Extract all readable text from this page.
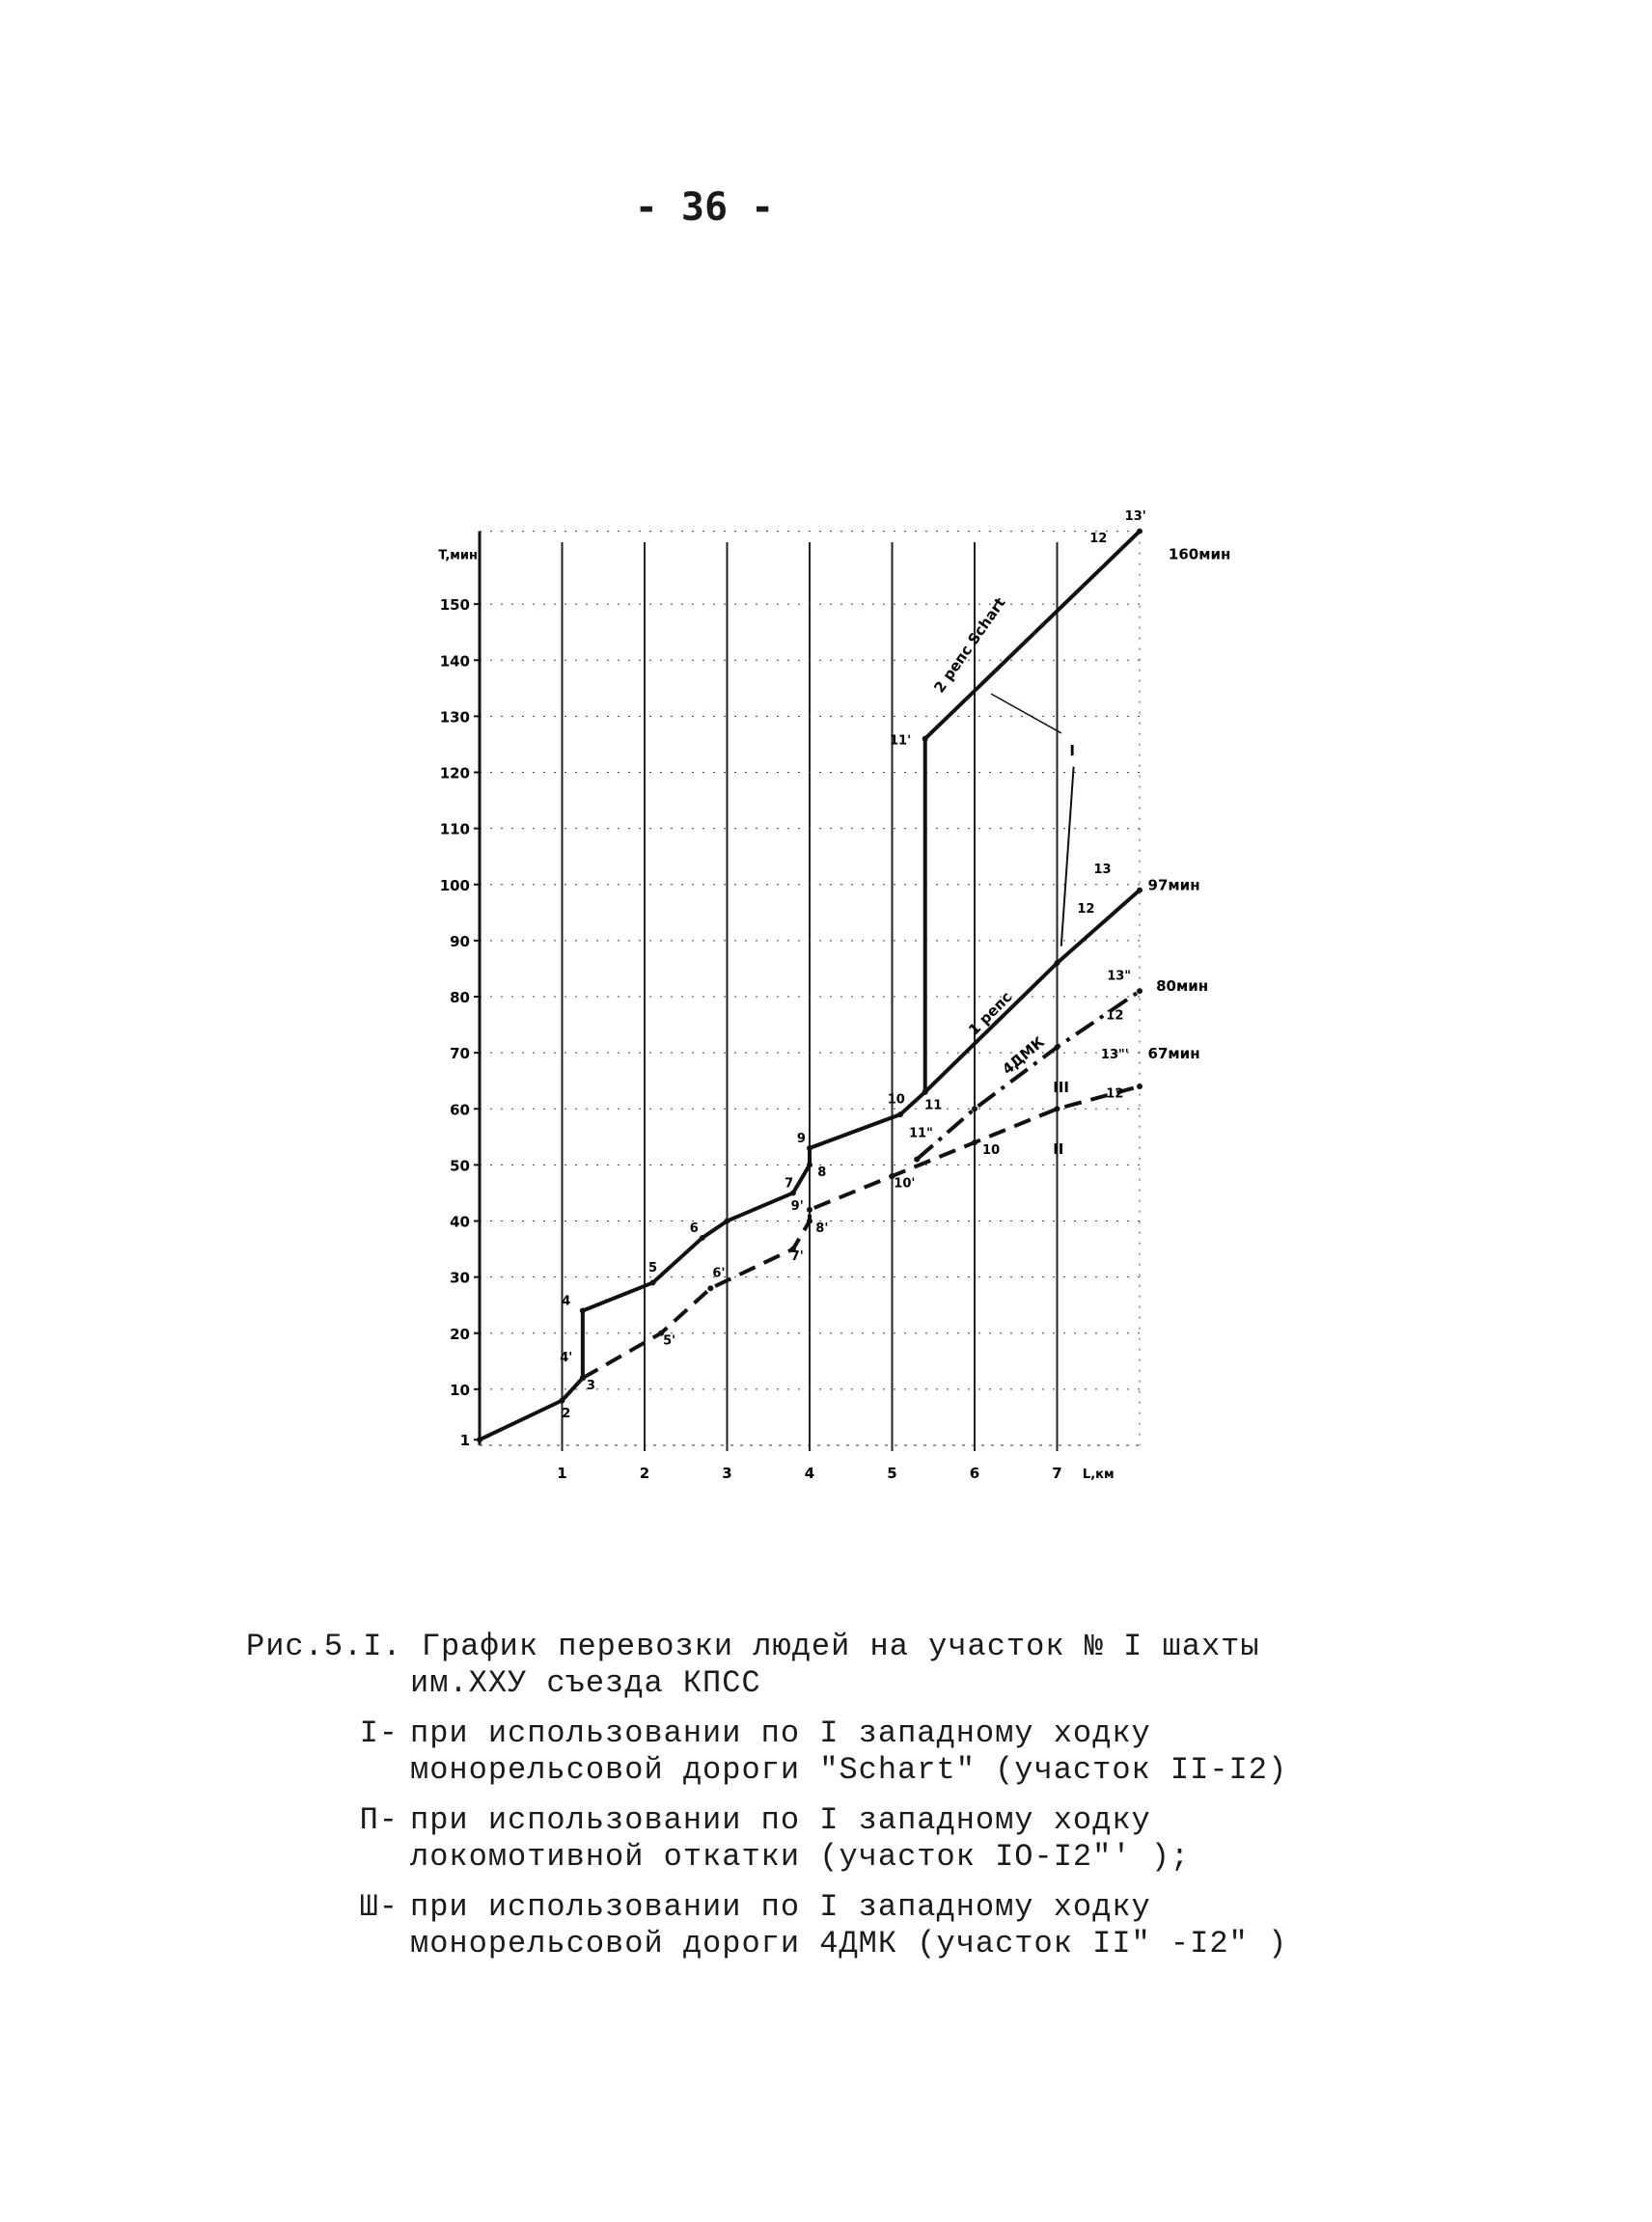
- 36 -
150
140
130
120
110
100
90
80
70
60
50
40
30
20
10
1
T,мин
1	2	3	4	5	6	7 L,км
2
3
4'
4
5
5'
6
6'
7
7'
8
8'
9
9'
10
10'
11
11'
11"
12
12
12
12
13'
13
13"
13"'
10
160мин
97мин
80мин
67мин
2 репс Schart
1 репс
4ДМК
I
II
III
Рис.5.I. График перевозки людей на участок № I шахты
им.XXУ съезда КПСС
I- при использовании по I западному ходку монорельсовой дороги "Schart" (участок II-I2)
П- при использовании по I западному ходку локомотивной откатки (участок IO-I2"' );
Ш- при использовании по I западному ходку монорельсовой дороги 4ДМК (участок II" -I2" )
